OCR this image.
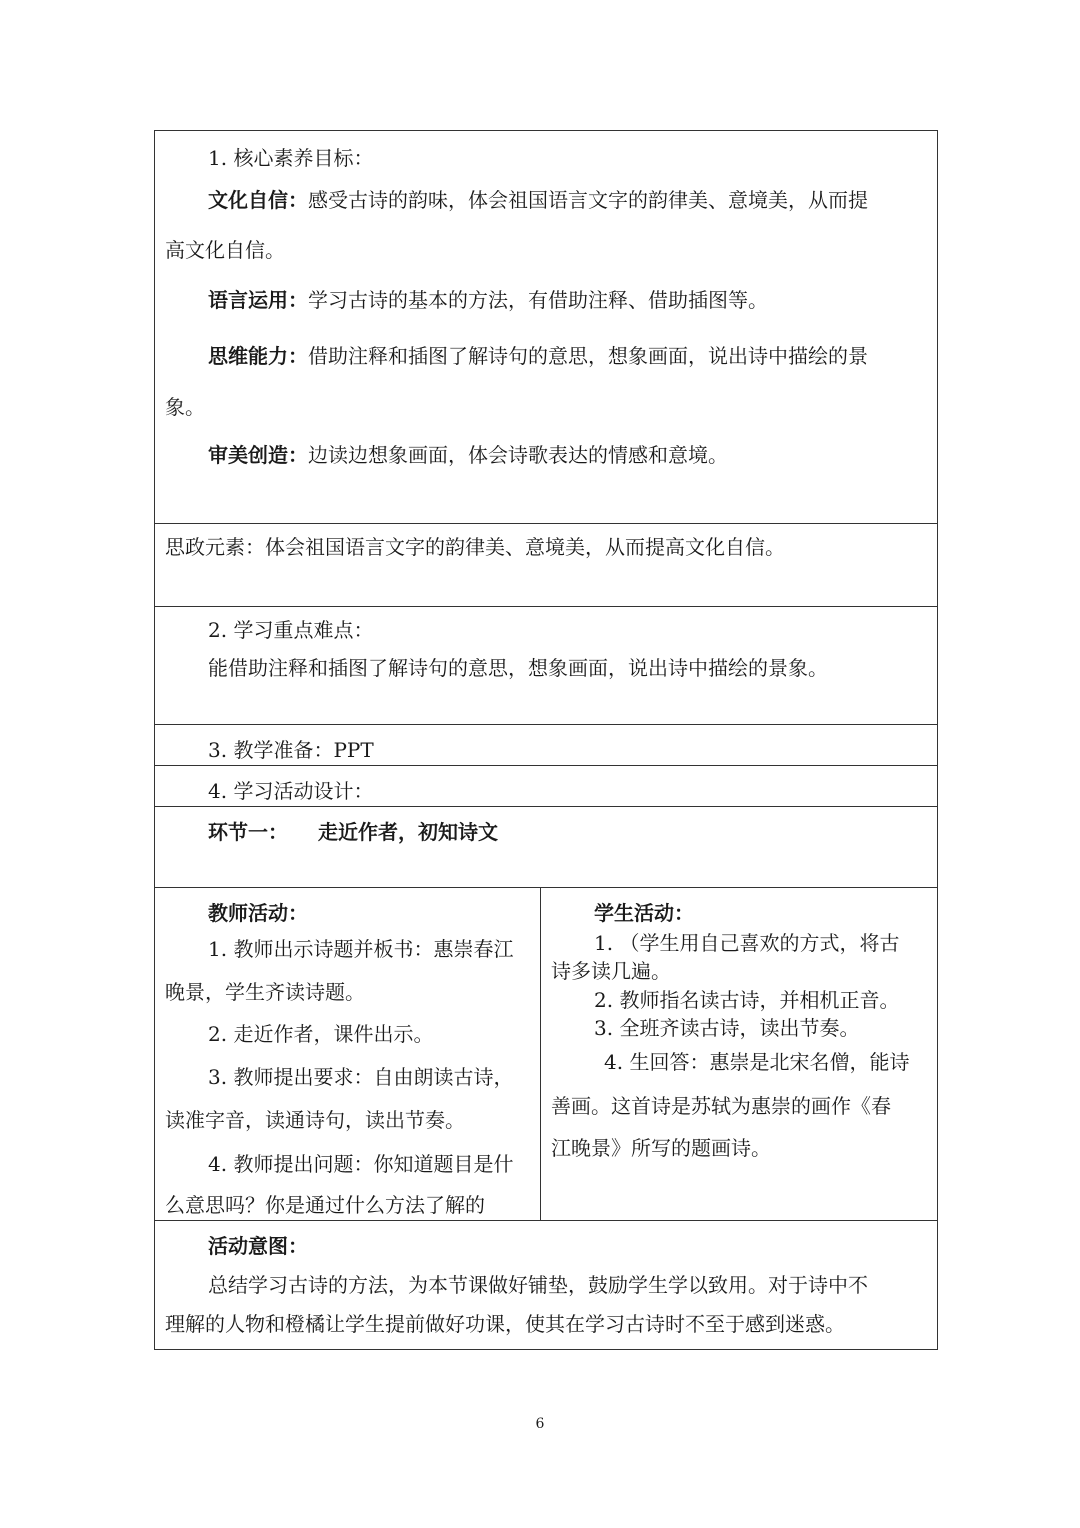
1. 核心素养目标：
文化自信：感受古诗的韵味，体会祖国语言文字的韵律美、意境美，从而提
高文化自信。
语言运用：学习古诗的基本的方法，有借助注释、借助插图等。
思维能力：借助注释和插图了解诗句的意思，想象画面，说出诗中描绘的景
象。
审美创造：边读边想象画面，体会诗歌表达的情感和意境。
思政元素：体会祖国语言文字的韵律美、意境美，从而提高文化自信。
2. 学习重点难点：
能借助注释和插图了解诗句的意思，想象画面，说出诗中描绘的景象。
3. 教学准备：PPT
4. 学习活动设计：
环节一： 走近作者，初知诗文
教师活动：
1. 教师出示诗题并板书：惠崇春江
晚景，学生齐读诗题。
2. 走近作者，课件出示。
3. 教师提出要求：自由朗读古诗，
读准字音，读通诗句，读出节奏。
4. 教师提出问题：你知道题目是什
么意思吗？你是通过什么方法了解的
学生活动：
1. （学生用自己喜欢的方式，将古
诗多读几遍。
2. 教师指名读古诗，并相机正音。
3. 全班齐读古诗，读出节奏。
4. 生回答：惠崇是北宋名僧，能诗
善画。这首诗是苏轼为惠崇的画作《春
江晚景》所写的题画诗。
活动意图：
总结学习古诗的方法，为本节课做好铺垫，鼓励学生学以致用。对于诗中不
理解的人物和橙橘让学生提前做好功课，使其在学习古诗时不至于感到迷惑。
6
